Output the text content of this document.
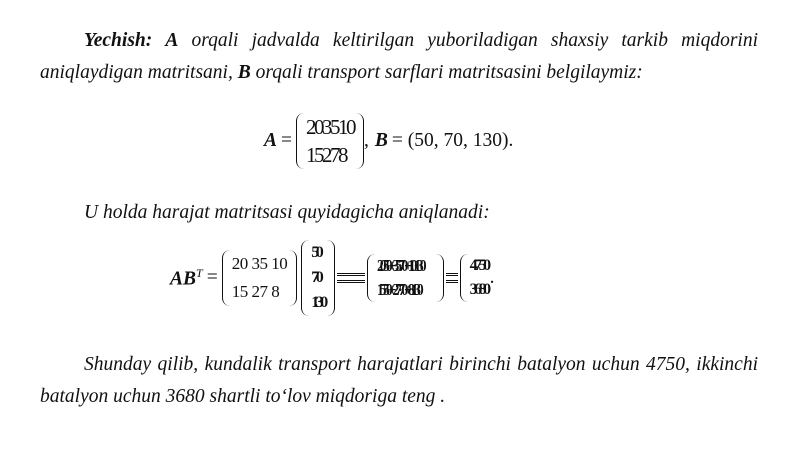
Yechish: A orqali jadvalda keltirilgan yuboriladigan shaxsiy tarkib miqdorini aniqlaydigan matritsani, B orqali transport sarflari matritsasini belgilaymiz:
A =
203510
15278
, B = (50, 70, 130).
U holda harajat matritsasi quyidagicha aniqlanadi:
$AB^T$ =
20 35 10
15 27 8
50
70
130
20·50+35·70+10·130
15·50+27·70+8·130
4750
3680
.
Shunday qilib, kundalik transport harajatlari birinchi batalyon uchun 4750, ikkinchi batalyon uchun 3680 shartli to‘lov miqdoriga teng .
